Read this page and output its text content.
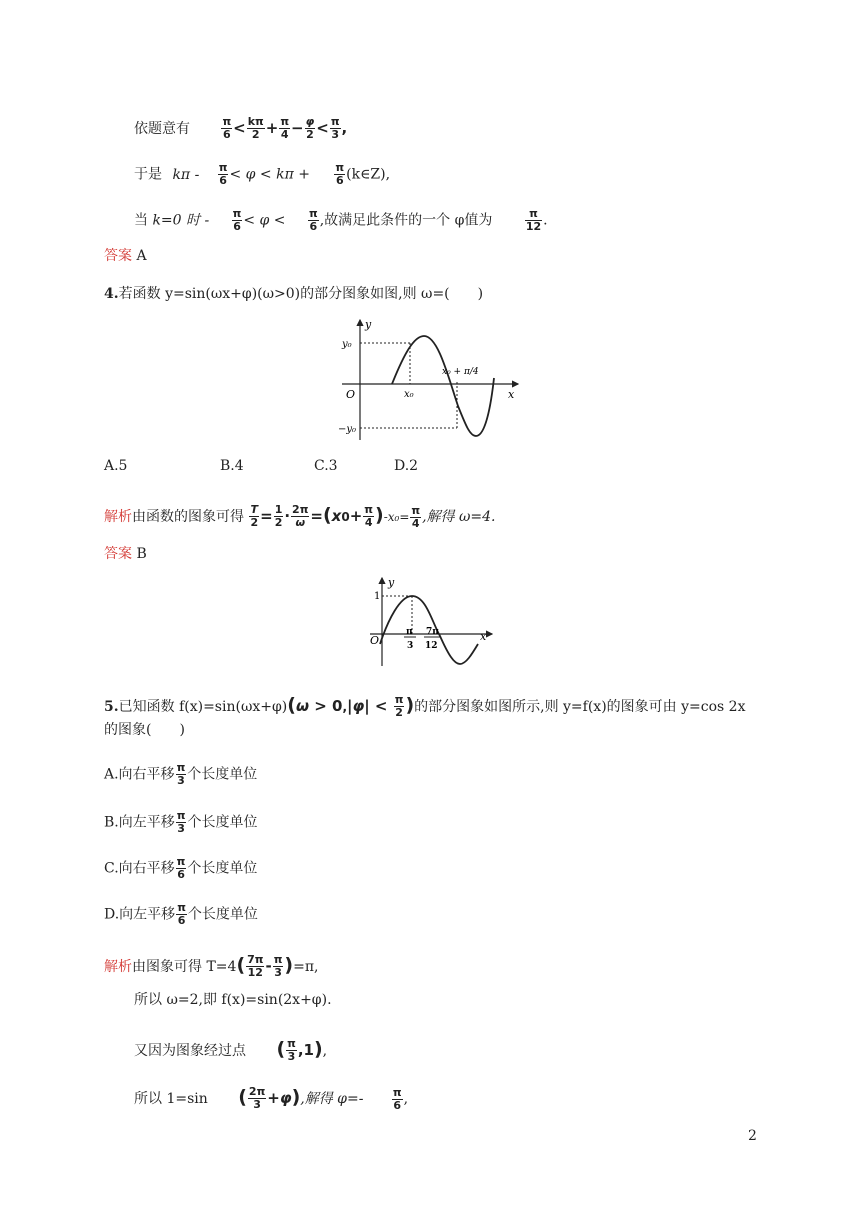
依题意有	$\frac{\pi}{6} < \frac{k\pi}{2} + \frac{\pi}{4} - \frac{\varphi}{2} < \frac{\pi}{3}$ ,
于是 $k\pi - \frac{\pi}{6} < \varphi < k\pi + \frac{\pi}{6}$ (k∈Z),
当 k=0 时 - $\frac{\pi}{6} < \varphi < \frac{\pi}{6}$ ,故满足此条件的一个 φ值为	$\frac{\pi}{12}$ .
答案 A
4.若函数 y=sin(ωx+φ)(ω>0)的部分图象如图,则 ω=(　　)
y
x
O
y₀
−y₀
x₀
x₀ + π/4
A.5	B.4	C.3	D.2
解析由函数的图象可得 $\frac{T}{2} = \frac{1}{2} \cdot \frac{2\pi}{\omega} =(x0+ \frac{\pi}{4} )-x_0= \frac{\pi}{4}$ ,解得 ω=4.
答案 B
y
x
O
1
π
3
7π
12
5.已知函数 $f(x)=\sin(\omega x+\varphi)(\omega > 0,|\varphi| < \frac{\pi}{2}$ )的部分图象如图所示,则 y=f(x)的图象可由 y=cos 2x
的图象(　　)
A.向右平移 $\frac{\pi}{3}$ 个长度单位
B.向左平移 $\frac{\pi}{3}$ 个长度单位
C.向右平移 $\frac{\pi}{6}$ 个长度单位
D.向左平移 $\frac{\pi}{6}$ 个长度单位
解析由图象可得 $T=4( \frac{7\pi}{12} - \frac{\pi}{3} )=\pi$,
所以 ω=2,即 f(x)=sin(2x+φ).
又因为图象经过点 ( $\frac{\pi}{3} ,1$),
所以 1=sin ( $\frac{2\pi}{3} +\varphi$),解得 φ=-	$\frac{\pi}{6}$ ,
2
